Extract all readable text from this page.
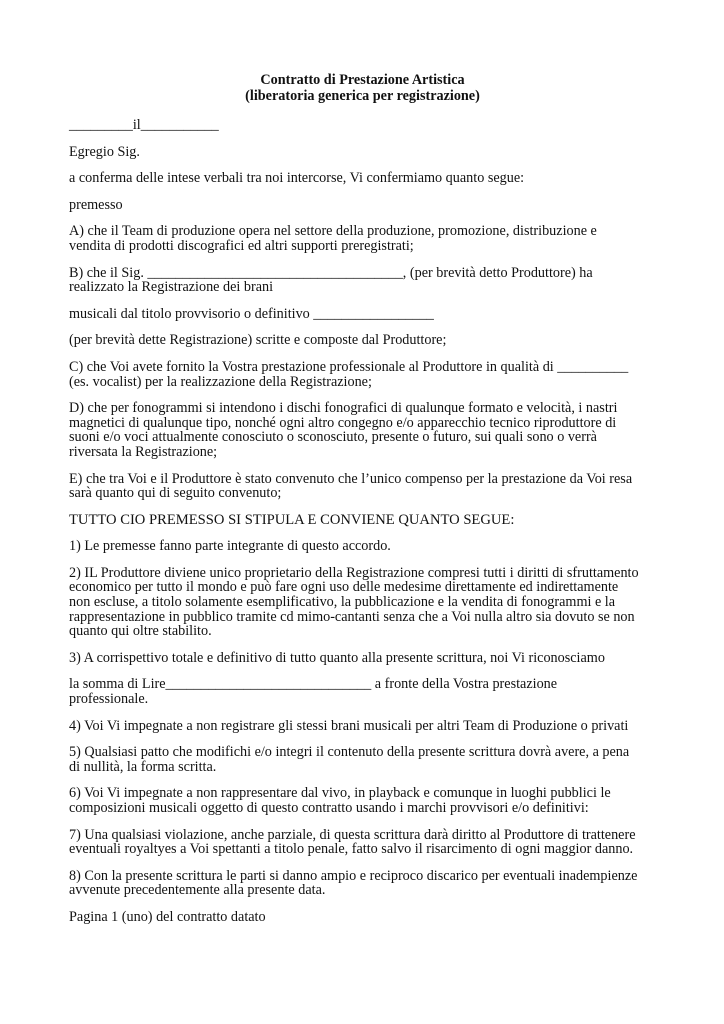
Contratto di Prestazione Artistica
(liberatoria generica per registrazione)

_________il___________

Egregio Sig.

a conferma delle intese verbali tra noi intercorse, Vi confermiamo quanto segue:

premesso

A) che il Team di produzione opera nel settore della produzione, promozione, distribuzione e
vendita di prodotti discografici ed altri supporti preregistrati;

B) che il Sig. ____________________________________, (per brevità detto Produttore) ha
realizzato la Registrazione dei brani

musicali dal titolo provvisorio o definitivo _________________

(per brevità dette Registrazione) scritte e composte dal Produttore;

C) che Voi avete fornito la Vostra prestazione professionale al Produttore in qualità di __________
(es. vocalist) per la realizzazione della Registrazione;

D) che per fonogrammi si intendono i dischi fonografici di qualunque formato e velocità, i nastri
magnetici di qualunque tipo, nonché ogni altro congegno e/o apparecchio tecnico riproduttore di
suoni e/o voci attualmente conosciuto o sconosciuto, presente o futuro, sui quali sono o verrà
riversata la Registrazione;

E) che tra Voi e il Produttore è stato convenuto che l’unico compenso per la prestazione da Voi resa
sarà quanto qui di seguito convenuto;

TUTTO CIO PREMESSO SI STIPULA E CONVIENE QUANTO SEGUE:

1) Le premesse fanno parte integrante di questo accordo.

2) IL Produttore diviene unico proprietario della Registrazione compresi tutti i diritti di sfruttamento
economico per tutto il mondo e può fare ogni uso delle medesime direttamente ed indirettamente
non escluse, a titolo solamente esemplificativo, la pubblicazione e la vendita di fonogrammi e la
rappresentazione in pubblico tramite cd mimo-cantanti senza che a Voi nulla altro sia dovuto se non
quanto qui oltre stabilito.

3) A corrispettivo totale e definitivo di tutto quanto alla presente scrittura, noi Vi riconosciamo

la somma di Lire_____________________________ a fronte della Vostra prestazione
professionale.

4) Voi Vi impegnate a non registrare gli stessi brani musicali per altri Team di Produzione o privati

5) Qualsiasi patto che modifichi e/o integri il contenuto della presente scrittura dovrà avere, a pena
di nullità, la forma scritta.

6) Voi Vi impegnate a non rappresentare dal vivo, in playback e comunque in luoghi pubblici le
composizioni musicali oggetto di questo contratto usando i marchi provvisori e/o definitivi:

7) Una qualsiasi violazione, anche parziale, di questa scrittura darà diritto al Produttore di trattenere
eventuali royaltyes a Voi spettanti a titolo penale, fatto salvo il risarcimento di ogni maggior danno.

8) Con la presente scrittura le parti si danno ampio e reciproco discarico per eventuali inadempienze
avvenute precedentemente alla presente data.

Pagina 1 (uno) del contratto datato
